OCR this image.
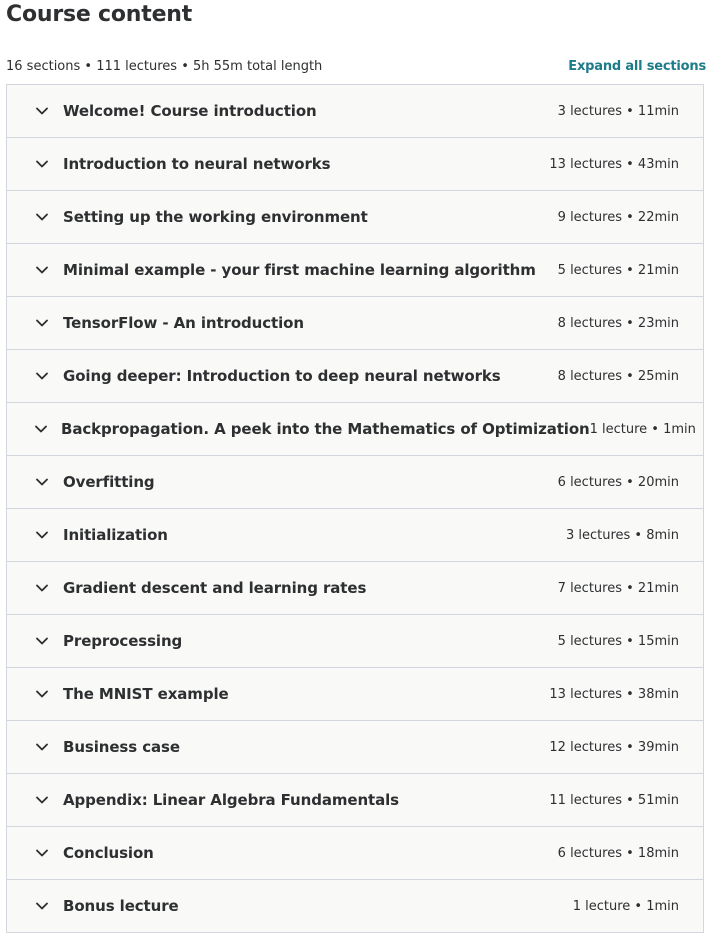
Course content
16 sections • 111 lectures • 5h 55m total length	Expand all sections
Welcome! Course introduction	3 lectures • 11min
Introduction to neural networks	13 lectures • 43min
Setting up the working environment	9 lectures • 22min
Minimal example - your first machine learning algorithm	5 lectures • 21min
TensorFlow - An introduction	8 lectures • 23min
Going deeper: Introduction to deep neural networks	8 lectures • 25min
Backpropagation. A peek into the Mathematics of Optimization 1 lecture • 1min
Overfitting	6 lectures • 20min
Initialization	3 lectures • 8min
Gradient descent and learning rates	7 lectures • 21min
Preprocessing	5 lectures • 15min
The MNIST example	13 lectures • 38min
Business case	12 lectures • 39min
Appendix: Linear Algebra Fundamentals	11 lectures • 51min
Conclusion	6 lectures • 18min
Bonus lecture	1 lecture • 1min
